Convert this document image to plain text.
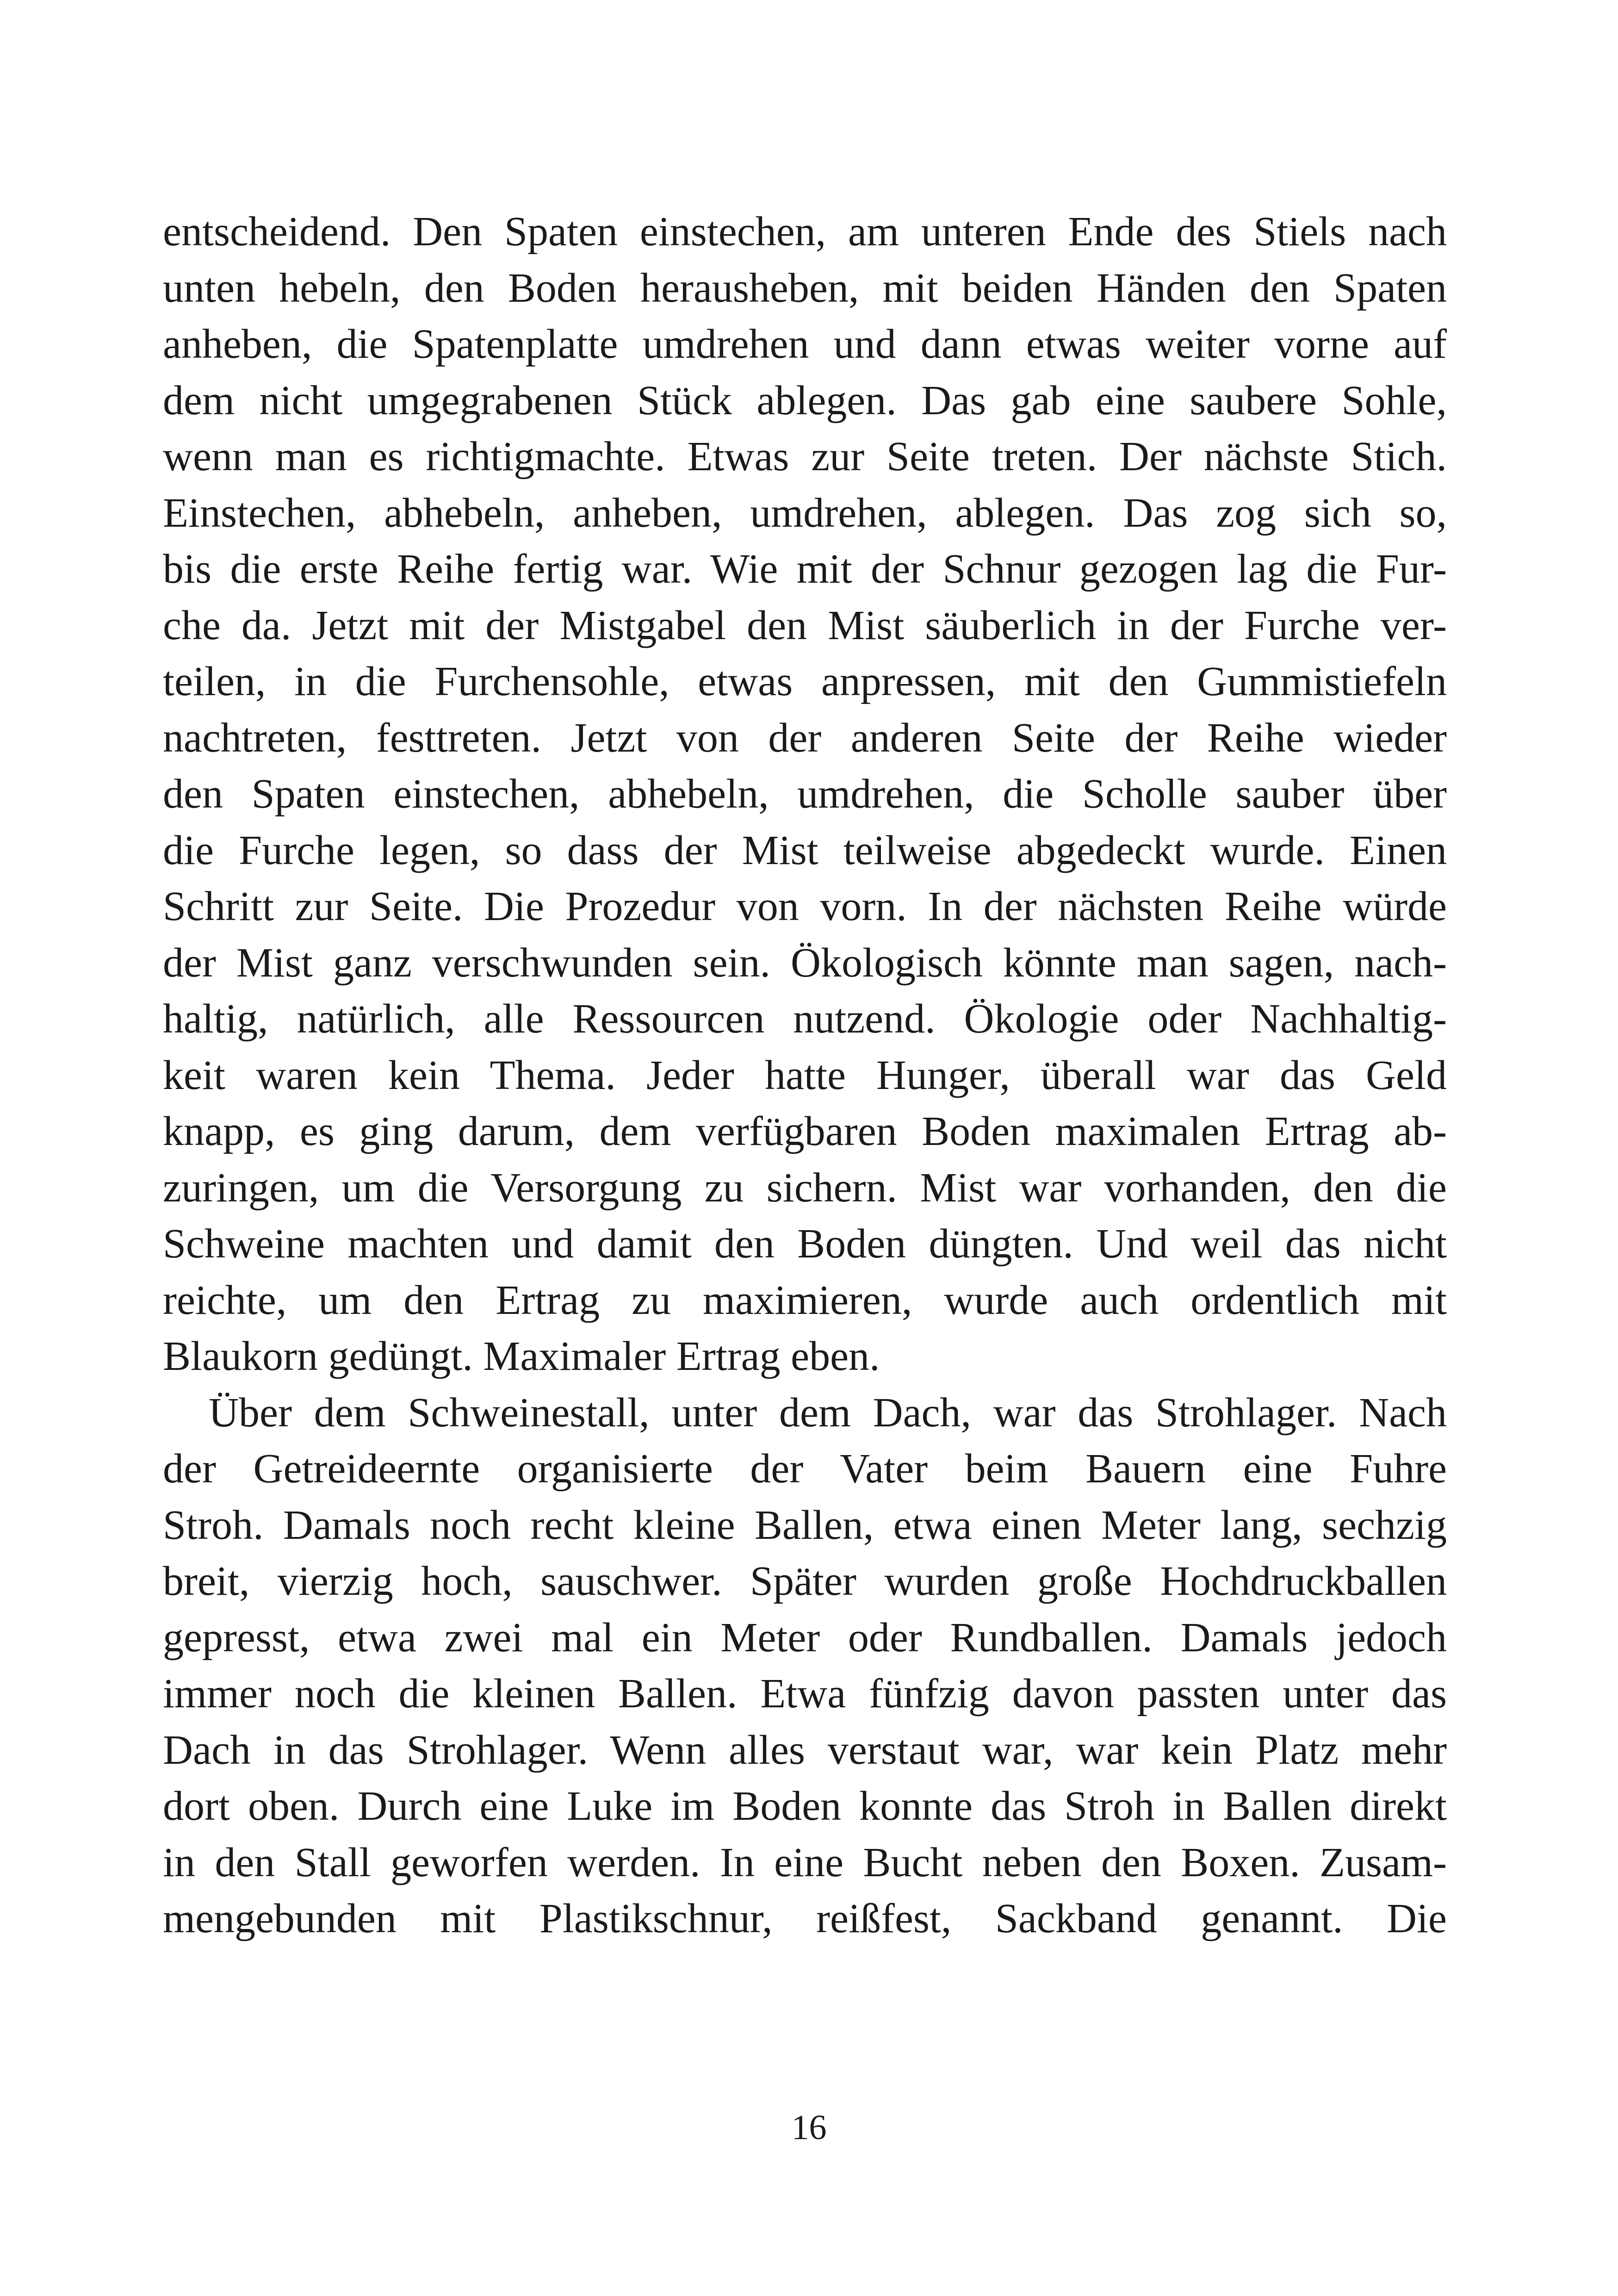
entscheidend. Den Spaten einstechen, am unteren Ende des Stiels nach
unten hebeln, den Boden herausheben, mit beiden Händen den Spaten
anheben, die Spatenplatte umdrehen und dann etwas weiter vorne auf
dem nicht umgegrabenen Stück ablegen. Das gab eine saubere Sohle,
wenn man es richtigmachte. Etwas zur Seite treten. Der nächste Stich.
Einstechen, abhebeln, anheben, umdrehen, ablegen. Das zog sich so,
bis die erste Reihe fertig war. Wie mit der Schnur gezogen lag die Fur-
che da. Jetzt mit der Mistgabel den Mist säuberlich in der Furche ver-
teilen, in die Furchensohle, etwas anpressen, mit den Gummistiefeln
nachtreten, festtreten. Jetzt von der anderen Seite der Reihe wieder
den Spaten einstechen, abhebeln, umdrehen, die Scholle sauber über
die Furche legen, so dass der Mist teilweise abgedeckt wurde. Einen
Schritt zur Seite. Die Prozedur von vorn. In der nächsten Reihe würde
der Mist ganz verschwunden sein. Ökologisch könnte man sagen, nach-
haltig, natürlich, alle Ressourcen nutzend. Ökologie oder Nachhaltig-
keit waren kein Thema. Jeder hatte Hunger, überall war das Geld
knapp, es ging darum, dem verfügbaren Boden maximalen Ertrag ab-
zuringen, um die Versorgung zu sichern. Mist war vorhanden, den die
Schweine machten und damit den Boden düngten. Und weil das nicht
reichte, um den Ertrag zu maximieren, wurde auch ordentlich mit
Blaukorn gedüngt. Maximaler Ertrag eben.
Über dem Schweinestall, unter dem Dach, war das Strohlager. Nach
der Getreideernte organisierte der Vater beim Bauern eine Fuhre
Stroh. Damals noch recht kleine Ballen, etwa einen Meter lang, sechzig
breit, vierzig hoch, sauschwer. Später wurden große Hochdruckballen
gepresst, etwa zwei mal ein Meter oder Rundballen. Damals jedoch
immer noch die kleinen Ballen. Etwa fünfzig davon passten unter das
Dach in das Strohlager. Wenn alles verstaut war, war kein Platz mehr
dort oben. Durch eine Luke im Boden konnte das Stroh in Ballen direkt
in den Stall geworfen werden. In eine Bucht neben den Boxen. Zusam-
mengebunden mit Plastikschnur, reißfest, Sackband genannt. Die
16
